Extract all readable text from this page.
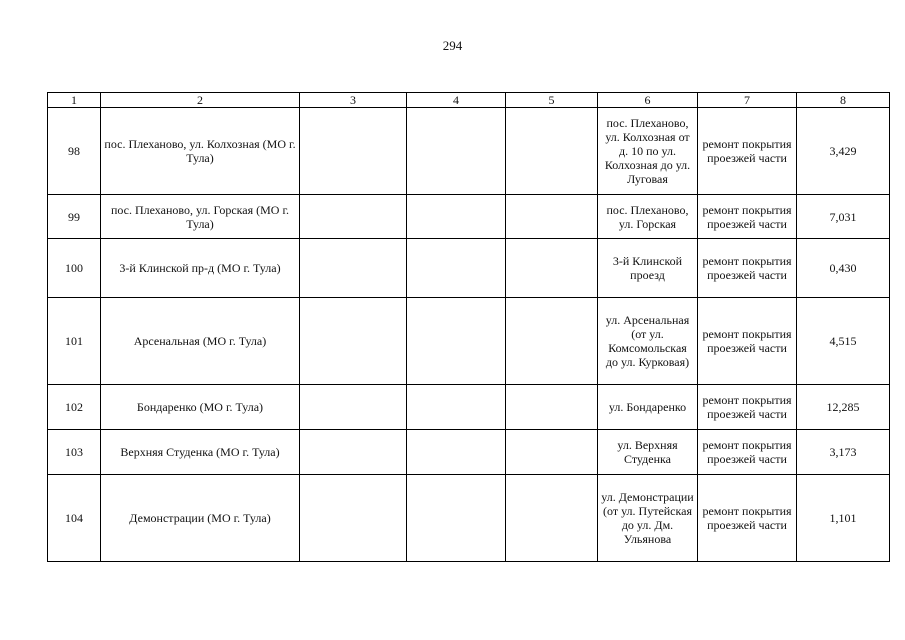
294
1	2	3	4	5	6	7	8
98	пос. Плеханово, ул. Колхозная (МО г. Тула)				пос. Плеханово, ул. Колхозная от д. 10 по ул. Колхозная до ул. Луговая	ремонт покрытия проезжей части	3,429
99	пос. Плеханово, ул. Горская (МО г. Тула)				пос. Плеханово, ул. Горская	ремонт покрытия проезжей части	7,031
100	3-й Клинской пр-д (МО г. Тула)				3-й Клинской проезд	ремонт покрытия проезжей части	0,430
101	Арсенальная (МО г. Тула)				ул. Арсенальная (от ул. Комсомольская до ул. Курковая)	ремонт покрытия проезжей части	4,515
102	Бондаренко (МО г. Тула)				ул. Бондаренко	ремонт покрытия проезжей части	12,285
103	Верхняя Студенка (МО г. Тула)				ул. Верхняя Студенка	ремонт покрытия проезжей части	3,173
104	Демонстрации (МО г. Тула)				ул. Демонстрации (от ул. Путейская до ул. Дм. Ульянова	ремонт покрытия проезжей части	1,101
